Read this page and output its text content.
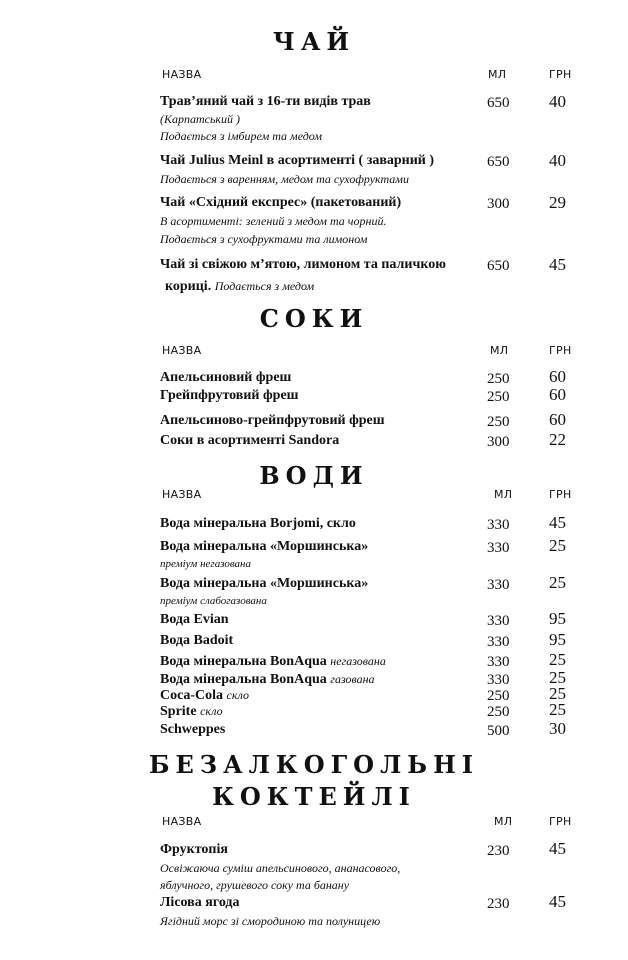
ЧАЙ
НАЗВА	МЛ	ГРН
Трав’яний чай з 16-ти видів трав
(Карпатський )
Подається з імбирем та медом
650 40
Чай Julius Meinl в асортименті ( заварний )
Подається з варенням, медом та сухофруктами
650 40
Чай «Східний експрес» (пакетований)
В асортименті: зелений з медом та чорний.
Подається з сухофруктами та лимоном
300 29
Чай зі свіжою м’ятою, лимоном та паличкою
кориці. Подається з медом
650 45
СОКИ
НАЗВА	МЛ	ГРН
Апельсиновий фреш	250 60
Грейпфрутовий фреш	250 60
Апельсиново-грейпфрутовий фреш	250 60
Соки в асортименті Sandora	300 22
ВОДИ
НАЗВА	МЛ	ГРН
Вода мінеральна Borjomi, скло	330 45
Вода мінеральна «Моршинська»
преміум негазована
330 25
Вода мінеральна «Моршинська»
преміум слабогазована
330 25
Вода Evian	330 95
Вода Badoit	330 95
Вода мінеральна BonAqua негазована	330 25
Вода мінеральна BonAqua газована	330 25
Coca-Cola скло	250 25
Sprite скло	250 25
Schweppes	500 30
БЕЗАЛКОГОЛЬНІ
КОКТЕЙЛІ
НАЗВА	МЛ	ГРН
Фруктопія
Освіжаюча суміш апельсинового, ананасового,
яблучного, грушевого соку та банану
230 45
Лісова ягода
Ягідний морс зі смородиною та полуницею
230 45
